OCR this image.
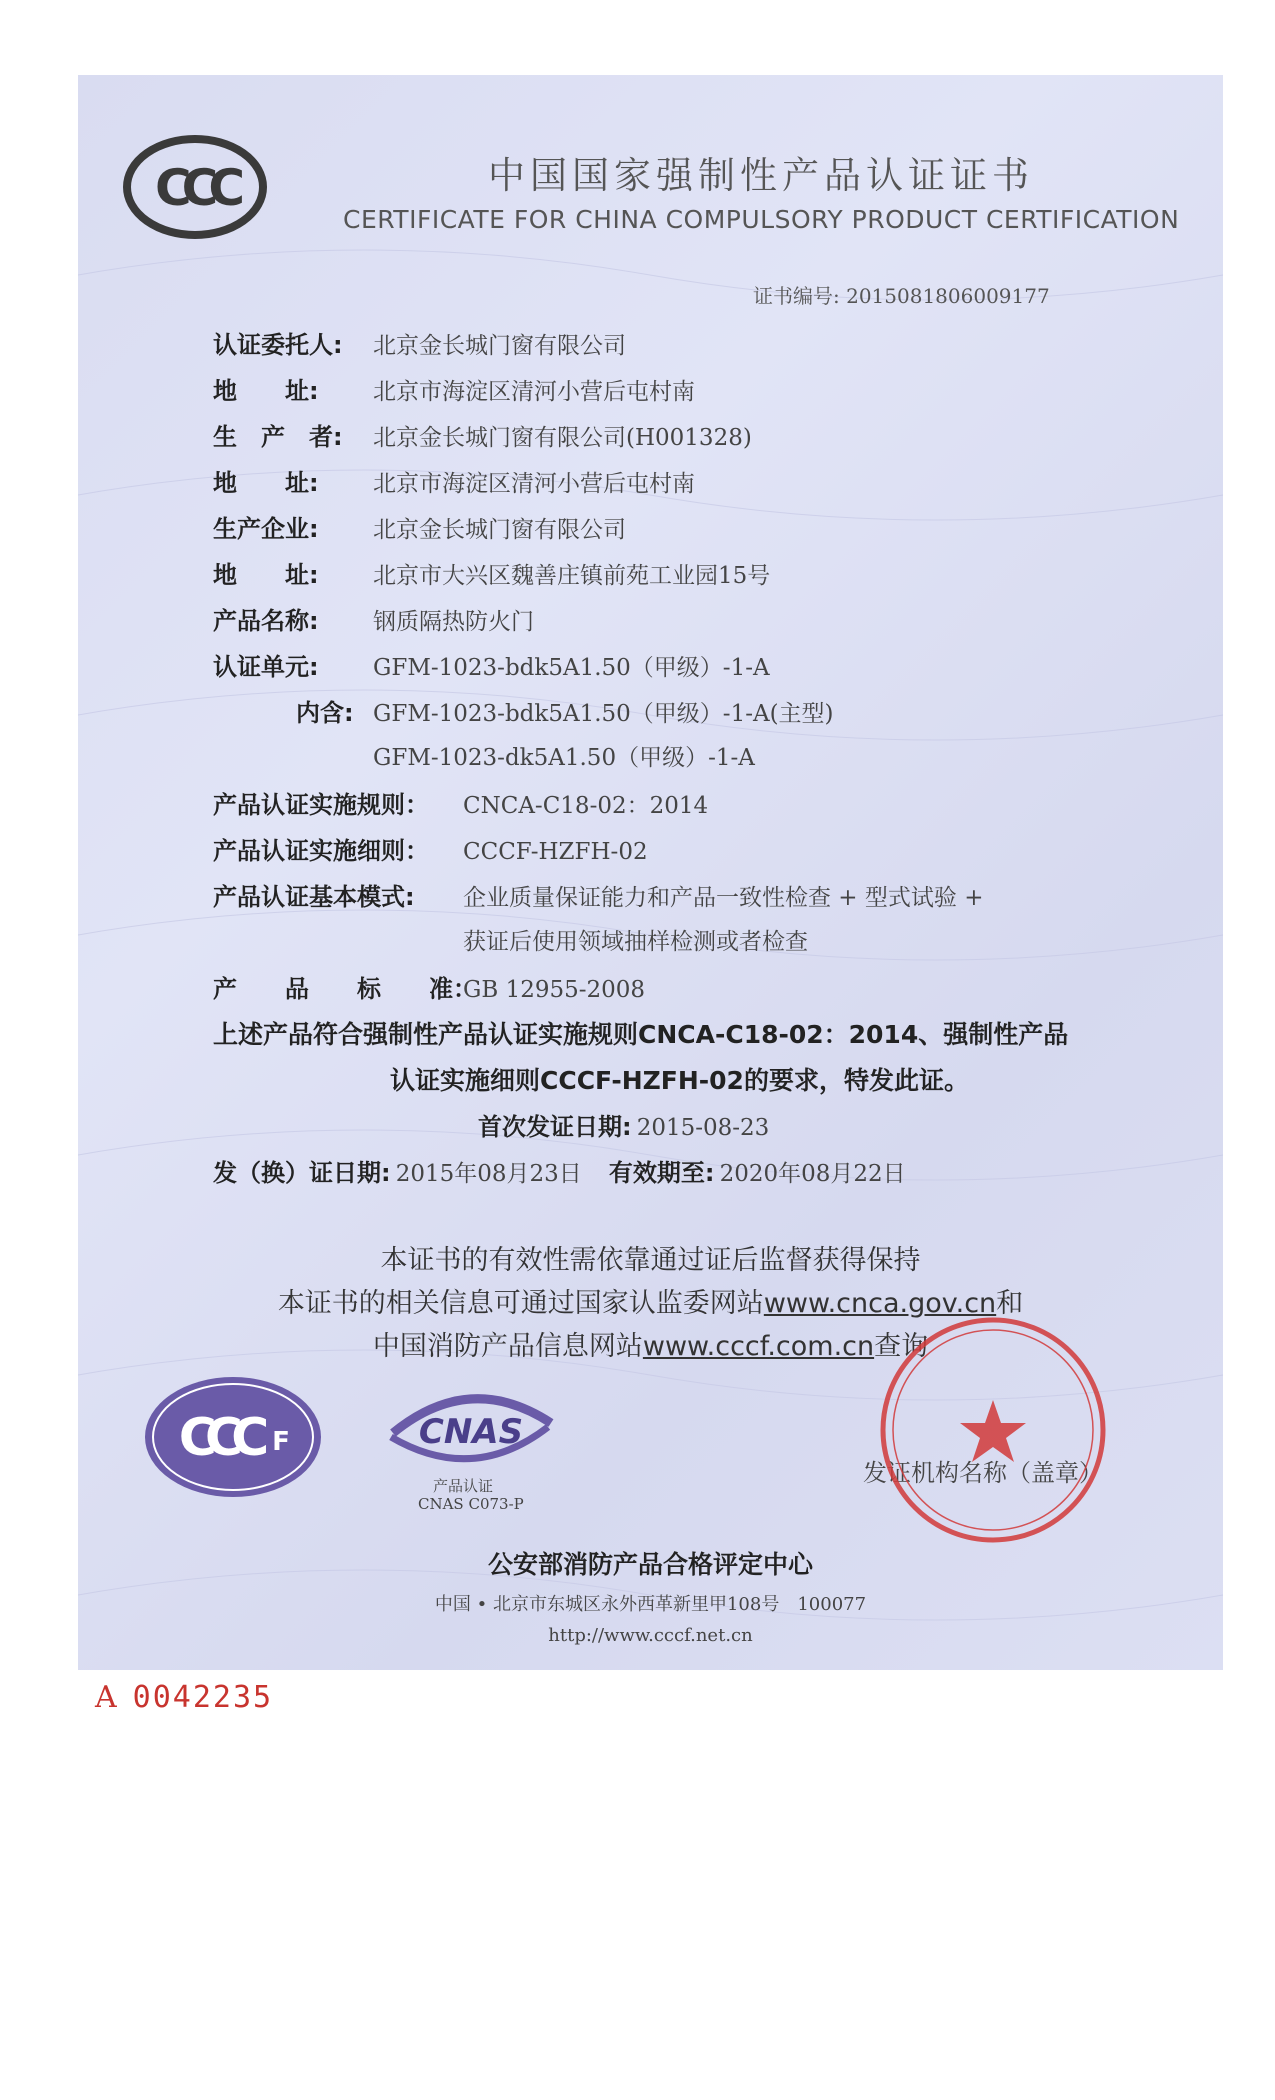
CCC	中国国家强制性产品认证证书
CERTIFICATE FOR CHINA COMPULSORY PRODUCT CERTIFICATION
证书编号: 2015081806009177
认证委托人: 北京金长城门窗有限公司
地　　址: 北京市海淀区清河小营后屯村南
生　产　者: 北京金长城门窗有限公司(H001328)
地　　址: 北京市海淀区清河小营后屯村南
生产企业: 北京金长城门窗有限公司
地　　址: 北京市大兴区魏善庄镇前苑工业园15号
产品名称: 钢质隔热防火门
认证单元: GFM-1023-bdk5A1.50（甲级）-1-A
内含: GFM-1023-bdk5A1.50（甲级）-1-A(主型)
GFM-1023-dk5A1.50（甲级）-1-A
产品认证实施规则： CNCA-C18-02：2014
产品认证实施细则： CCCF-HZFH-02
产品认证基本模式: 企业质量保证能力和产品一致性检查 + 型式试验 +
获证后使用领域抽样检测或者检查
产　　品　　标　　准：GB 12955-2008
上述产品符合强制性产品认证实施规则CNCA-C18-02：2014、强制性产品
认证实施细则CCCF-HZFH-02的要求，特发此证。
首次发证日期: 2015-08-23
发（换）证日期: 2015年08月23日 有效期至: 2020年08月22日
本证书的有效性需依靠通过证后监督获得保持
本证书的相关信息可通过国家认监委网站www.cnca.gov.cn和
中国消防产品信息网站www.cccf.com.cn查询
CCC F	CNAS
产品认证
CNAS C073-P
发证机构名称（盖章）
公安部消防产品合格评定中心
中国 • 北京市东城区永外西革新里甲108号　100077
http://www.cccf.net.cn
A 0042235
